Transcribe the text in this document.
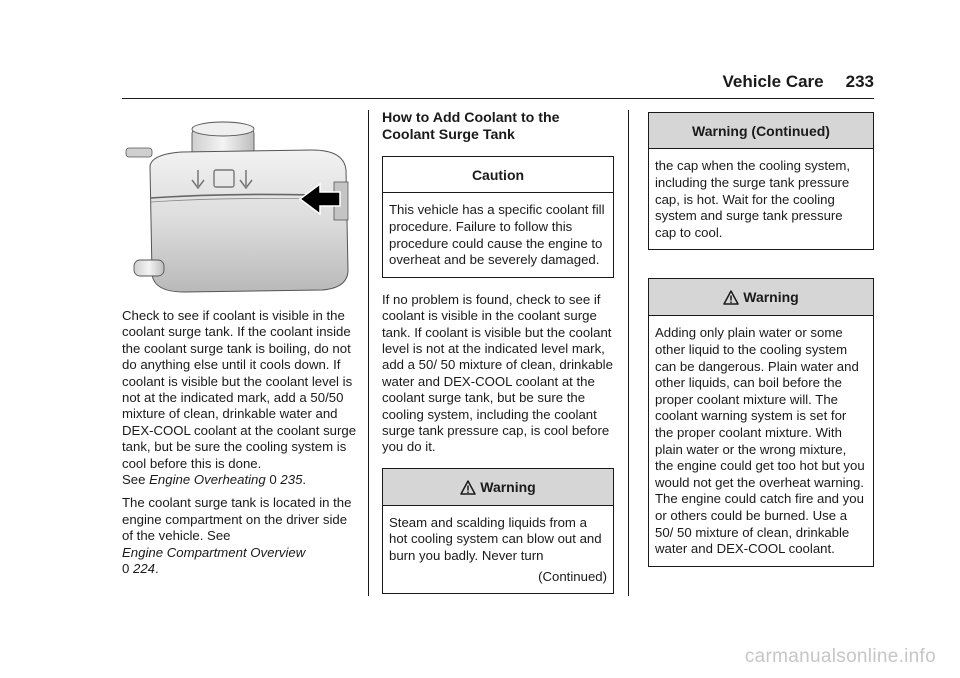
Vehicle Care 233

Check to see if coolant is visible in the coolant surge tank. If the coolant inside the coolant surge tank is boiling, do not do anything else until it cools down. If coolant is visible but the coolant level is not at the indicated mark, add a 50/50 mixture of clean, drinkable water and DEX-COOL coolant at the coolant surge tank, but be sure the cooling system is cool before this is done.
See Engine Overheating 0 235.

The coolant surge tank is located in the engine compartment on the driver side of the vehicle. See
Engine Compartment Overview
0 224.

How to Add Coolant to the
Coolant Surge Tank
Caution
This vehicle has a specific coolant fill procedure. Failure to follow this procedure could cause the engine to overheat and be severely damaged.

If no problem is found, check to see if coolant is visible in the coolant surge tank. If coolant is visible but the coolant level is not at the indicated level mark, add a 50/ 50 mixture of clean, drinkable water and DEX-COOL coolant at the coolant surge tank, but be sure the cooling system, including the coolant surge tank pressure cap, is cool before you do it.

Warning
Steam and scalding liquids from a hot cooling system can blow out and burn you badly. Never turn
(Continued)
Warning (Continued)
the cap when the cooling system, including the surge tank pressure cap, is hot. Wait for the cooling system and surge tank pressure cap to cool.
Warning
Adding only plain water or some other liquid to the cooling system can be dangerous. Plain water and other liquids, can boil before the proper coolant mixture will. The coolant warning system is set for the proper coolant mixture. With plain water or the wrong mixture, the engine could get too hot but you would not get the overheat warning. The engine could catch fire and you or others could be burned. Use a 50/ 50 mixture of clean, drinkable water and DEX-COOL coolant.
carmanualsonline.info
